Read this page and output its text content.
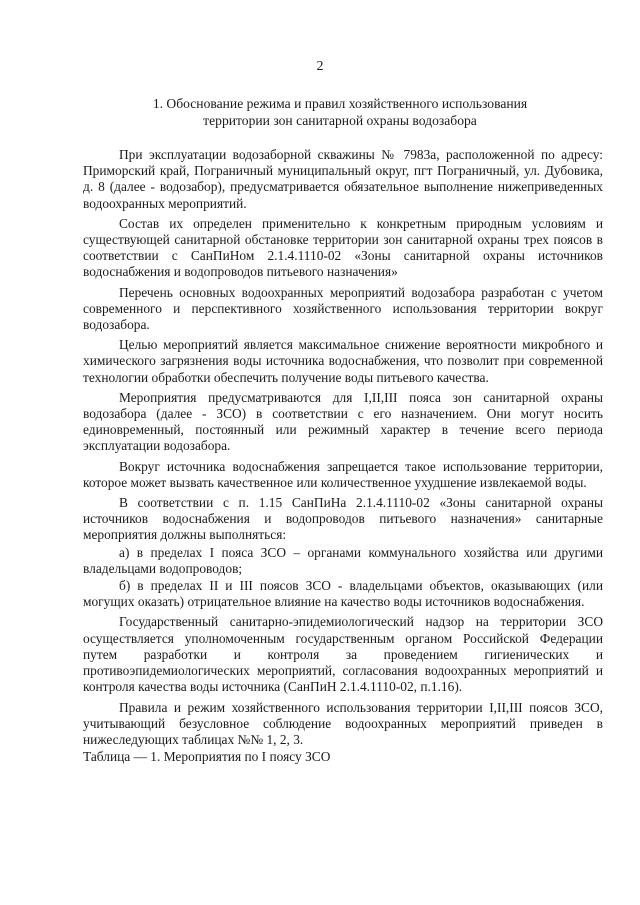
2
1. Обоснование режима и правил хозяйственного использования
территории зон санитарной охраны водозабора

При эксплуатации водозаборной скважины № 7983а, расположенной по адресу: Приморский край, Пограничный муниципальный округ, пгт Пограничный, ул. Дубовика, д. 8 (далее - водозабор), предусматривается обязательное выполнение нижеприведенных водоохранных мероприятий.

Состав их определен применительно к конкретным природным условиям и существующей санитарной обстановке территории зон санитарной охраны трех поясов в соответствии с СанПиНом 2.1.4.1110-02 «Зоны санитарной охраны источников водоснабжения и водопроводов питьевого назначения»

Перечень основных водоохранных мероприятий водозабора разработан с учетом современного и перспективного хозяйственного использования территории вокруг водозабора.

Целью мероприятий является максимальное снижение вероятности микробного и химического загрязнения воды источника водоснабжения, что позволит при современной технологии обработки обеспечить получение воды питьевого качества.

Мероприятия предусматриваются для I,II,III пояса зон санитарной охраны водозабора (далее - ЗСО) в соответствии с его назначением. Они могут носить единовременный, постоянный или режимный характер в течение всего периода эксплуатации водозабора.

Вокруг источника водоснабжения запрещается такое использование территории, которое может вызвать качественное или количественное ухудшение извлекаемой воды.

В соответствии с п. 1.15 СанПиНа 2.1.4.1110-02 «Зоны санитарной охраны источников водоснабжения и водопроводов питьевого назначения» санитарные мероприятия должны выполняться:

а) в пределах I пояса ЗСО – органами коммунального хозяйства или другими владельцами водопроводов;

б) в пределах II и III поясов ЗСО - владельцами объектов, оказывающих (или могущих оказать) отрицательное влияние на качество воды источников водоснабжения.

Государственный санитарно-эпидемиологический надзор на территории ЗСО осуществляется уполномоченным государственным органом Российской Федерации путем разработки и контроля за проведением гигиенических и противоэпидемиологических мероприятий, согласования водоохранных мероприятий и контроля качества воды источника (СанПиН 2.1.4.1110-02, п.1.16).

Правила и режим хозяйственного использования территории I,II,III поясов ЗСО, учитывающий безусловное соблюдение водоохранных мероприятий приведен в нижеследующих таблицах №№ 1, 2, 3.

Таблица — 1. Мероприятия по I поясу ЗСО
